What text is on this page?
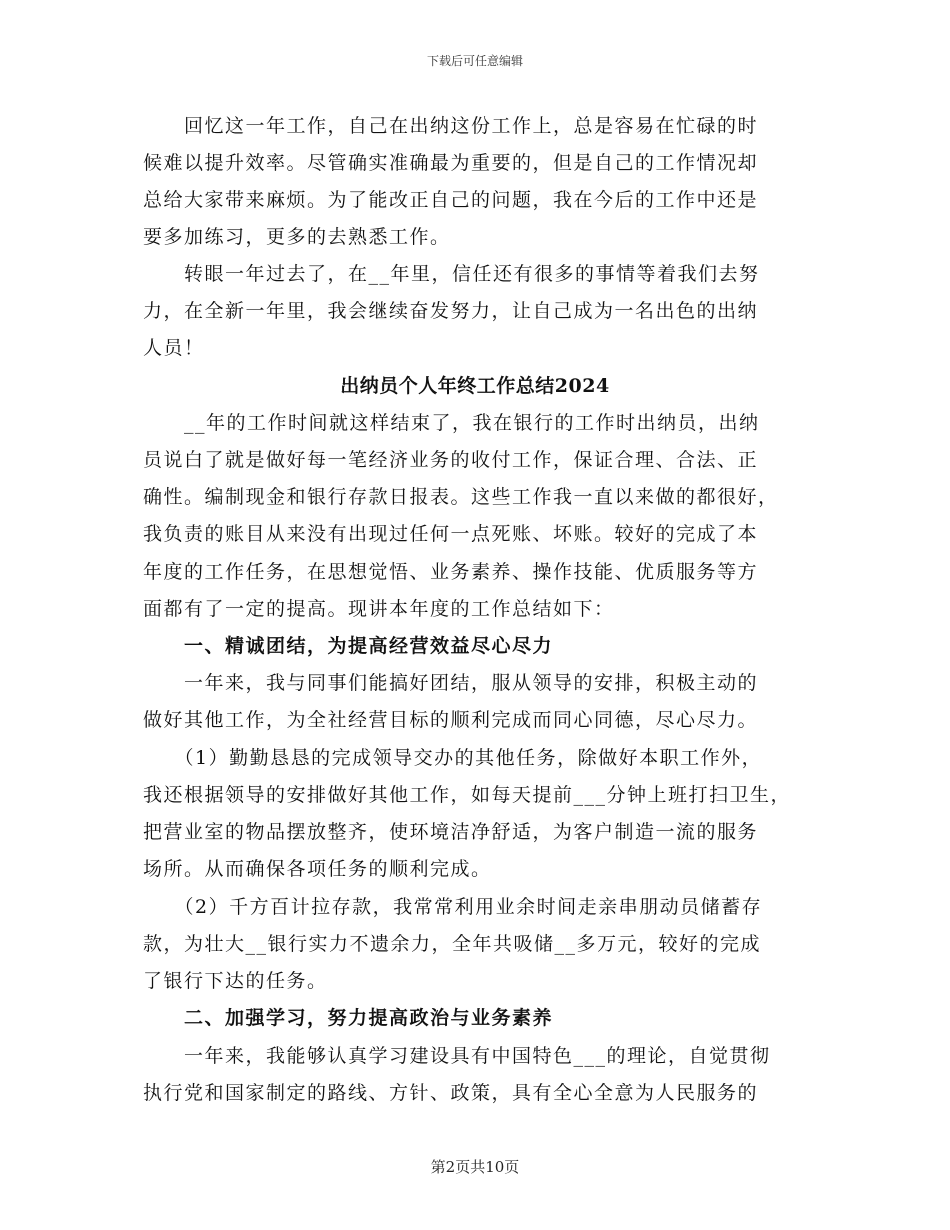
下载后可任意编辑
　　回忆这一年工作，自己在出纳这份工作上，总是容易在忙碌的时
候难以提升效率。尽管确实准确最为重要的，但是自己的工作情况却
总给大家带来麻烦。为了能改正自己的问题，我在今后的工作中还是
要多加练习，更多的去熟悉工作。
　　转眼一年过去了，在__年里，信任还有很多的事情等着我们去努
力，在全新一年里，我会继续奋发努力，让自己成为一名出色的出纳
人员！
出纳员个人年终工作总结2024
　　__年的工作时间就这样结束了，我在银行的工作时出纳员，出纳
员说白了就是做好每一笔经济业务的收付工作，保证合理、合法、正
确性。编制现金和银行存款日报表。这些工作我一直以来做的都很好，
我负责的账目从来没有出现过任何一点死账、坏账。较好的完成了本
年度的工作任务，在思想觉悟、业务素养、操作技能、优质服务等方
面都有了一定的提高。现讲本年度的工作总结如下：
　　一、精诚团结，为提高经营效益尽心尽力
　　一年来，我与同事们能搞好团结，服从领导的安排，积极主动的
做好其他工作，为全社经营目标的顺利完成而同心同德，尽心尽力。
　　（1）勤勤恳恳的完成领导交办的其他任务，除做好本职工作外，
我还根据领导的安排做好其他工作，如每天提前___分钟上班打扫卫生，
把营业室的物品摆放整齐，使环境洁净舒适，为客户制造一流的服务
场所。从而确保各项任务的顺利完成。
　　（2）千方百计拉存款，我常常利用业余时间走亲串朋动员储蓄存
款，为壮大__银行实力不遗余力，全年共吸储__多万元，较好的完成
了银行下达的任务。
　　二、加强学习，努力提高政治与业务素养
　　一年来，我能够认真学习建设具有中国特色___的理论，自觉贯彻
执行党和国家制定的路线、方针、政策，具有全心全意为人民服务的
第2页共10页
